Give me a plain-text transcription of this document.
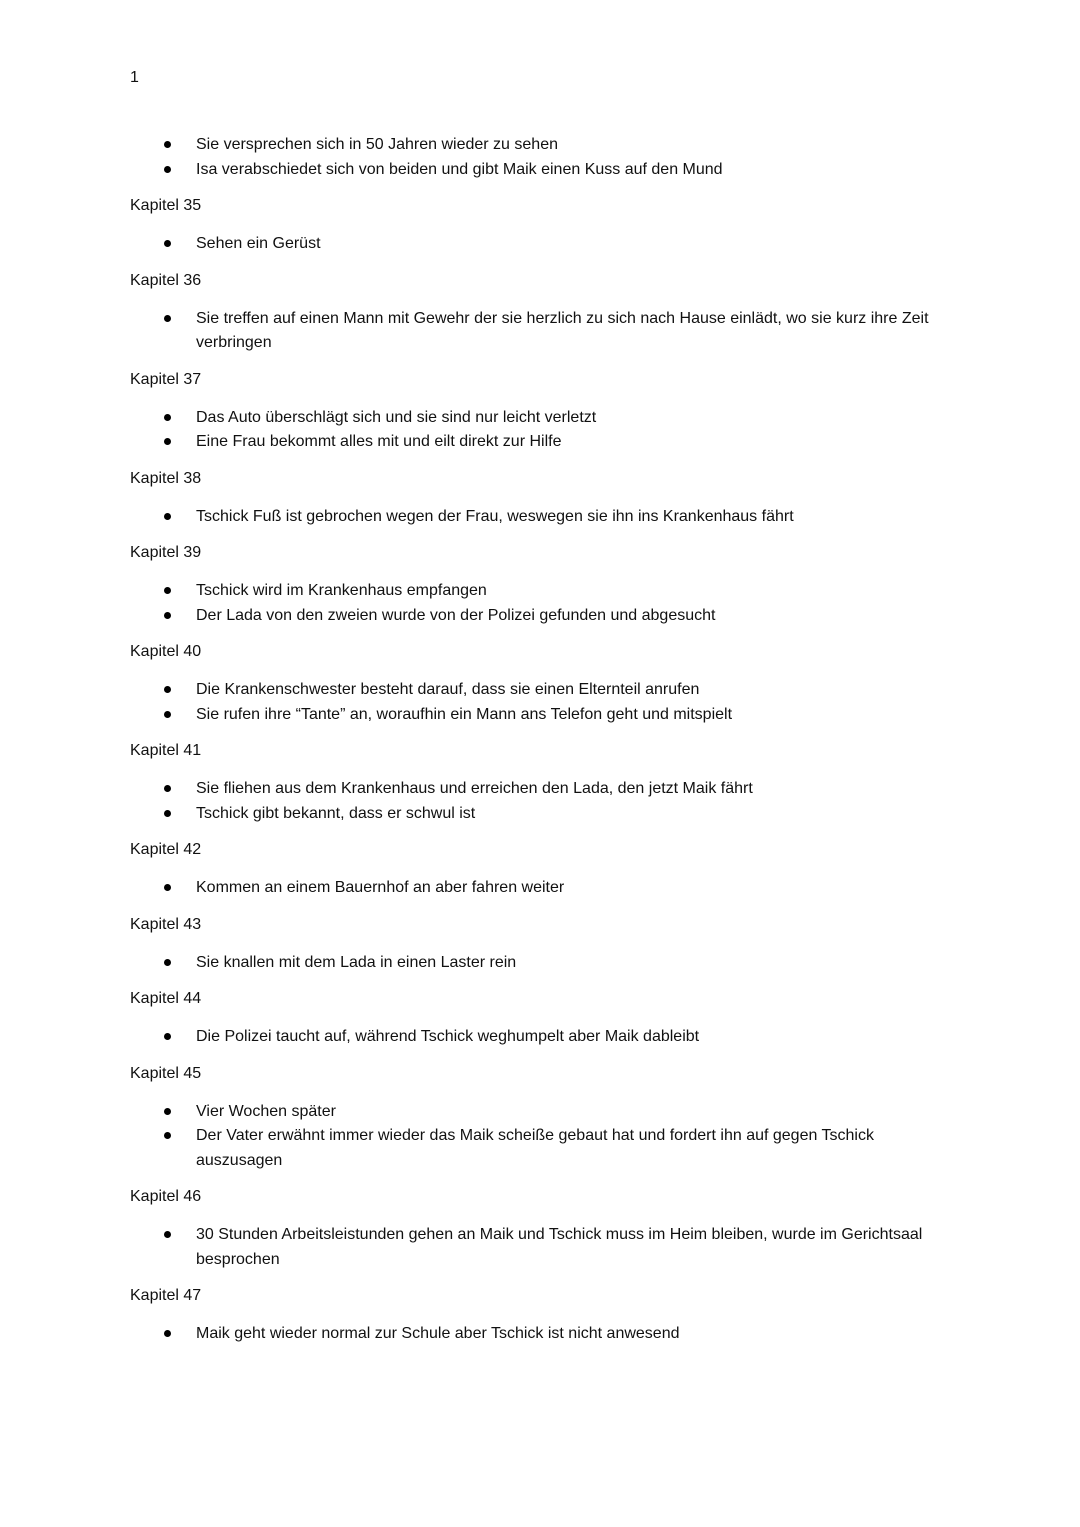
1
Sie versprechen sich in 50 Jahren wieder zu sehen
Isa verabschiedet sich von beiden und gibt Maik einen Kuss auf den Mund
Kapitel 35
Sehen ein Gerüst
Kapitel 36
Sie treffen auf einen Mann mit Gewehr der sie herzlich zu sich nach Hause einlädt, wo sie kurz ihre Zeit verbringen
Kapitel 37
Das Auto überschlägt sich und sie sind nur leicht verletzt
Eine Frau bekommt alles mit und eilt direkt zur Hilfe
Kapitel 38
Tschick Fuß ist gebrochen wegen der Frau, weswegen sie ihn ins Krankenhaus fährt
Kapitel 39
Tschick wird im Krankenhaus empfangen
Der Lada von den zweien wurde von der Polizei gefunden und abgesucht
Kapitel 40
Die Krankenschwester besteht darauf, dass sie einen Elternteil anrufen
Sie rufen ihre “Tante” an, woraufhin ein Mann ans Telefon geht und mitspielt
Kapitel 41
Sie fliehen aus dem Krankenhaus und erreichen den Lada, den jetzt Maik fährt
Tschick gibt bekannt, dass er schwul ist
Kapitel 42
Kommen an einem Bauernhof an aber fahren weiter
Kapitel 43
Sie knallen mit dem Lada in einen Laster rein
Kapitel 44
Die Polizei taucht auf, während Tschick weghumpelt aber Maik dableibt
Kapitel 45
Vier Wochen später
Der Vater erwähnt immer wieder das Maik scheiße gebaut hat und fordert ihn auf gegen Tschick auszusagen
Kapitel 46
30 Stunden Arbeitsleistunden gehen an Maik und Tschick muss im Heim bleiben, wurde im Gerichtsaal besprochen
Kapitel 47
Maik geht wieder normal zur Schule aber Tschick ist nicht anwesend
